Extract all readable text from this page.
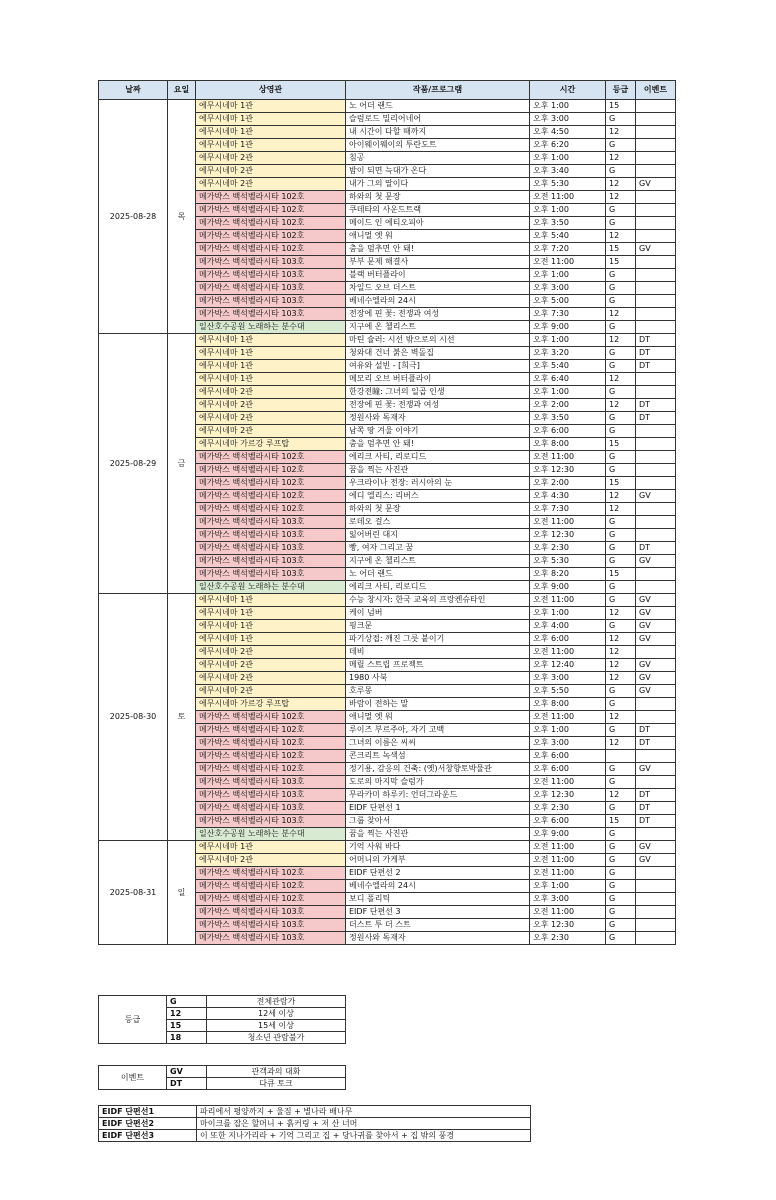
날짜	요일	상영관	작품/프로그램	시간	등급	이벤트
2025-08-28	목	에무시네마 1관	노 어더 랜드	오후 1:00	15	
		에무시네마 1관	슬럼로드 밀리어네어	오후 3:00	G	
		에무시네마 1관	내 시간이 다할 때까지	오후 4:50	12	
		에무시네마 1관	아이웨이웨이의 투란도트	오후 6:20	G	
		에무시네마 2관	침공	오후 1:00	12	
		에무시네마 2관	밤이 되면 늑대가 온다	오후 3:40	G	
		에무시네마 2관	내가 그의 딸이다	오후 5:30	12	GV
		메가박스 백석벨라시타 102호	하와의 첫 문장	오전 11:00	12	
		메가박스 백석벨라시타 102호	쿠데타의 사운드트랙	오후 1:00	G	
		메가박스 백석벨라시타 102호	메이드 인 에티오피아	오후 3:50	G	
		메가박스 백석벨라시타 102호	애니멀 엣 워	오후 5:40	12	
		메가박스 백석벨라시타 102호	춤을 멈추면 안 돼!	오후 7:20	15	GV
		메가박스 백석벨라시타 103호	부부 문제 해결사	오전 11:00	15	
		메가박스 백석벨라시타 103호	블랙 버터플라이	오후 1:00	G	
		메가박스 백석벨라시타 103호	차일드 오브 더스트	오후 3:00	G	
		메가박스 백석벨라시타 103호	베네수엘라의 24시	오후 5:00	G	
		메가박스 백석벨라시타 103호	전장에 핀 꽃: 전쟁과 여성	오후 7:30	12	
		일산호수공원 노래하는 분수대	지구에 온 첼리스트	오후 9:00	G	
2025-08-29	금	에무시네마 1관	마틴 슐러: 시선 밖으로의 시선	오후 1:00	12	DT
		에무시네마 1관	청와대 건너 붉은 벽돌집	오후 3:20	G	DT
		에무시네마 1관	여유와 설빈 - [희극]	오후 5:40	G	DT
		에무시네마 1관	메모리 오브 버터플라이	오후 6:40	12	
		에무시네마 2관	한강전瞳: 그녀의 일곱 인생	오후 1:00	G	
		에무시네마 2관	전장에 핀 꽃: 전쟁과 여성	오후 2:00	12	DT
		에무시네마 2관	정원사와 독재자	오후 3:50	G	DT
		에무시네마 2관	남쪽 땅 겨울 이야기	오후 6:00	G	
		에무시네마 가르강 루프탑	춤을 멈추면 안 돼!	오후 8:00	15	
		메가박스 백석벨라시타 102호	에리크 사티, 리로디드	오전 11:00	G	
		메가박스 백석벨라시타 102호	꿈을 찍는 사진관	오후 12:30	G	
		메가박스 백석벨라시타 102호	우크라이나 전장: 러시아의 눈	오후 2:00	15	
		메가박스 백석벨라시타 102호	에디 엘리스: 리버스	오후 4:30	12	GV
		메가박스 백석벨라시타 102호	하와의 첫 문장	오후 7:30	12	
		메가박스 백석벨라시타 103호	로데오 걸스	오전 11:00	G	
		메가박스 백석벨라시타 103호	잃어버린 대지	오후 12:30	G	
		메가박스 백석벨라시타 103호	빵, 여자 그리고 꿈	오후 2:30	G	DT
		메가박스 백석벨라시타 103호	지구에 온 첼리스트	오후 5:30	G	GV
		메가박스 백석벨라시타 103호	노 어더 랜드	오후 8:20	15	
		일산호수공원 노래하는 분수대	에리크 사티, 리로디드	오후 9:00	G	
2025-08-30	토	에무시네마 1관	수능 창시자: 한국 교육의 프랑켄슈타인	오전 11:00	G	GV
		에무시네마 1관	케이 넘버	오후 1:00	12	GV
		에무시네마 1관	핑크문	오후 4:00	G	GV
		에무시네마 1관	파기상접: 깨진 그릇 붙이기	오후 6:00	12	GV
		에무시네마 2관	데비	오전 11:00	12	
		에무시네마 2관	메릴 스트립 프로젝트	오후 12:40	12	GV
		에무시네마 2관	1980 사북	오후 3:00	12	GV
		에무시네마 2관	호루몽	오후 5:50	G	GV
		에무시네마 가르강 루프탑	바람이 전하는 말	오후 8:00	G	
		메가박스 백석벨라시타 102호	애니멀 엣 워	오전 11:00	12	
		메가박스 백석벨라시타 102호	루이즈 부르주아, 자기 고백	오후 1:00	G	DT
		메가박스 백석벨라시타 102호	그녀의 이름은 씨씨	오후 3:00	12	DT
		메가박스 백석벨라시타 102호	콘크리트 녹색섬	오후 6:00		
		메가박스 백석벨라시타 102호	정기용, 감응의 건축: (옛)서창향토박물관	오후 6:00	G	GV
		메가박스 백석벨라시타 103호	도로의 마지막 슬럼가	오전 11:00	G	
		메가박스 백석벨라시타 103호	무라카미 하루키: 언더그라운드	오후 12:30	12	DT
		메가박스 백석벨라시타 103호	EIDF 단편선 1	오후 2:30	G	DT
		메가박스 백석벨라시타 103호	그룹 찾아서	오후 6:00	15	DT
		일산호수공원 노래하는 분수대	꿈을 찍는 사진관	오후 9:00	G	
2025-08-31	일	에무시네마 1관	기억 사워 바다	오전 11:00	G	GV
		에무시네마 2관	어머니의 가게부	오전 11:00	G	GV
		메가박스 백석벨라시타 102호	EIDF 단편선 2	오전 11:00	G	
		메가박스 백석벨라시타 102호	베네수엘라의 24시	오후 1:00	G	
		메가박스 백석벨라시타 102호	보디 폴리틱	오후 3:00	G	
		메가박스 백석벨라시타 103호	EIDF 단편선 3	오전 11:00	G	
		메가박스 백석벨라시타 103호	더스트 투 더 스트	오후 12:30	G	
		메가박스 백석벨라시타 103호	정원사와 독재자	오후 2:30	G	
등급	G	전체관람가
	12	12세 이상
	15	15세 이상
	18	청소년 관람불가
이벤트	GV	관객과의 대화
	DT	다큐 토크
EIDF 단편선1	파리에서 평양까지 + 울짐 + 별나라 배나무
EIDF 단편선2	마이크를 잡은 할머니 + 흙커링 + 저 산 너머
EIDF 단편선3	이 또한 지나가리라 + 기억 그리고 집 + 당나귀를 찾아서 + 집 밖의 풍경
